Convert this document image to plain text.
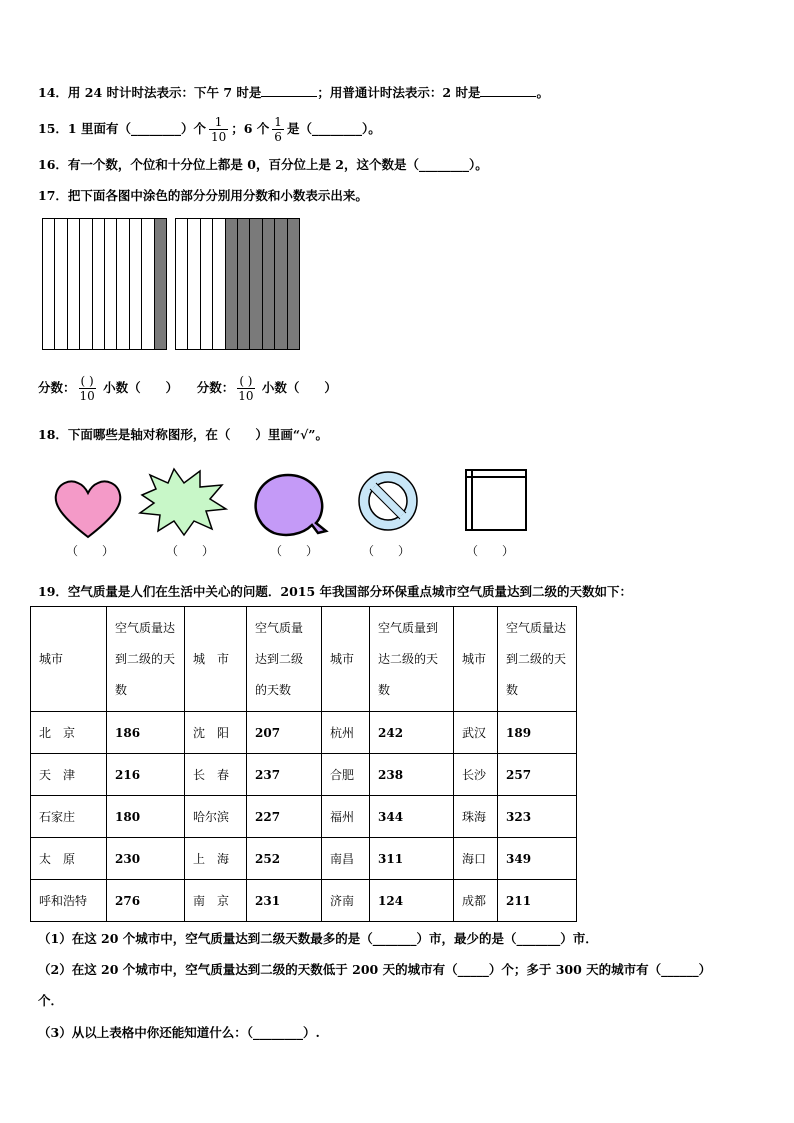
14．用 24 时计时法表示：下午 7 时是	；用普通计时法表示：2 时是	。
15．1 里面有（________）个 $\frac{1}{10}$ ；6 个 $\frac{1}{6}$ 是（________）。
16．有一个数，个位和十分位上都是 0，百分位上是 2，这个数是（________）。
17．把下面各图中涂色的部分分别用分数和小数表示出来。
分数： $\frac{( )}{10}$ 小数（　　） 分数： $\frac{( )}{10}$ 小数（　　）
18．下面哪些是轴对称图形，在（　　）里画“√”。
（　　）	（　　）	（　　）	（　　）	（　　）
19．空气质量是人们在生活中关心的问题．2015 年我国部分环保重点城市空气质量达到二级的天数如下：
城市	空气质量达到二级的天数	城　市	空气质量达到二级的天数	城市	空气质量到达二级的天数	城市	空气质量达到二级的天数
北　京	186	沈　阳	207	杭州	242	武汉	189
天　津	216	长　春	237	合肥	238	长沙	257
石家庄	180	哈尔滨	227	福州	344	珠海	323
太　原	230	上　海	252	南昌	311	海口	349
呼和浩特	276	南　京	231	济南	124	成都	211
（1）在这 20 个城市中，空气质量达到二级天数最多的是（_______）市，最少的是（_______）市．
（2）在这 20 个城市中，空气质量达到二级的天数低于 200 天的城市有（_____）个；多于 300 天的城市有（______）
个．
（3）从以上表格中你还能知道什么：（________）.
